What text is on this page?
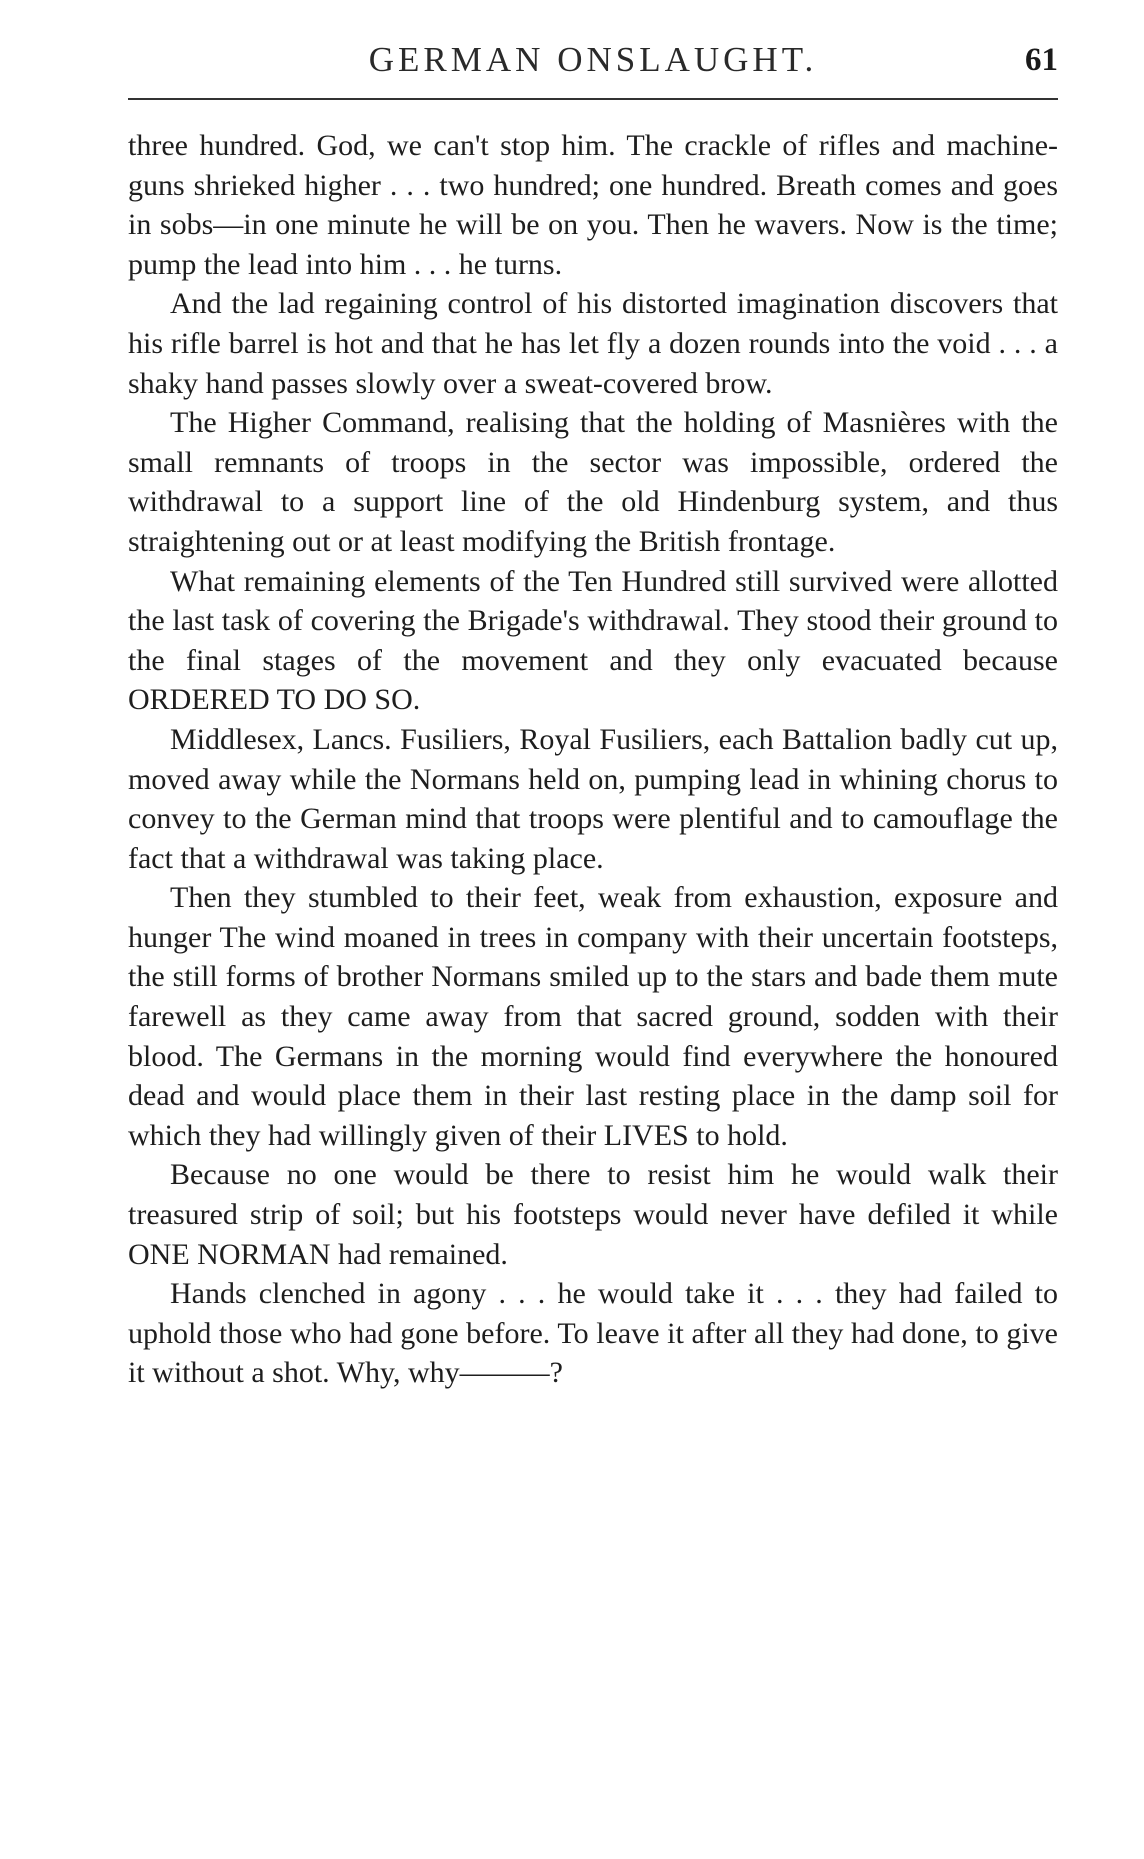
GERMAN ONSLAUGHT.	61

three hundred. God, we can't stop him. The crackle of rifles and machine-guns shrieked higher . . . two hundred; one hundred. Breath comes and goes in sobs—in one minute he will be on you. Then he wavers. Now is the time; pump the lead into him . . . he turns.

And the lad regaining control of his distorted imagination discovers that his rifle barrel is hot and that he has let fly a dozen rounds into the void . . . a shaky hand passes slowly over a sweat-covered brow.

The Higher Command, realising that the holding of Masnières with the small remnants of troops in the sector was impossible, ordered the withdrawal to a support line of the old Hindenburg system, and thus straightening out or at least modifying the British frontage.

What remaining elements of the Ten Hundred still survived were allotted the last task of covering the Brigade's withdrawal. They stood their ground to the final stages of the movement and they only evacuated because ORDERED TO DO SO.

Middlesex, Lancs. Fusiliers, Royal Fusiliers, each Battalion badly cut up, moved away while the Normans held on, pumping lead in whining chorus to convey to the German mind that troops were plentiful and to camouflage the fact that a withdrawal was taking place.

Then they stumbled to their feet, weak from exhaustion, exposure and hunger The wind moaned in trees in company with their uncertain footsteps, the still forms of brother Normans smiled up to the stars and bade them mute farewell as they came away from that sacred ground, sodden with their blood. The Germans in the morning would find everywhere the honoured dead and would place them in their last resting place in the damp soil for which they had willingly given of their LIVES to hold.

Because no one would be there to resist him he would walk their treasured strip of soil; but his footsteps would never have defiled it while ONE NORMAN had remained.

Hands clenched in agony . . . he would take it . . . they had failed to uphold those who had gone before. To leave it after all they had done, to give it without a shot. Why, why———?
